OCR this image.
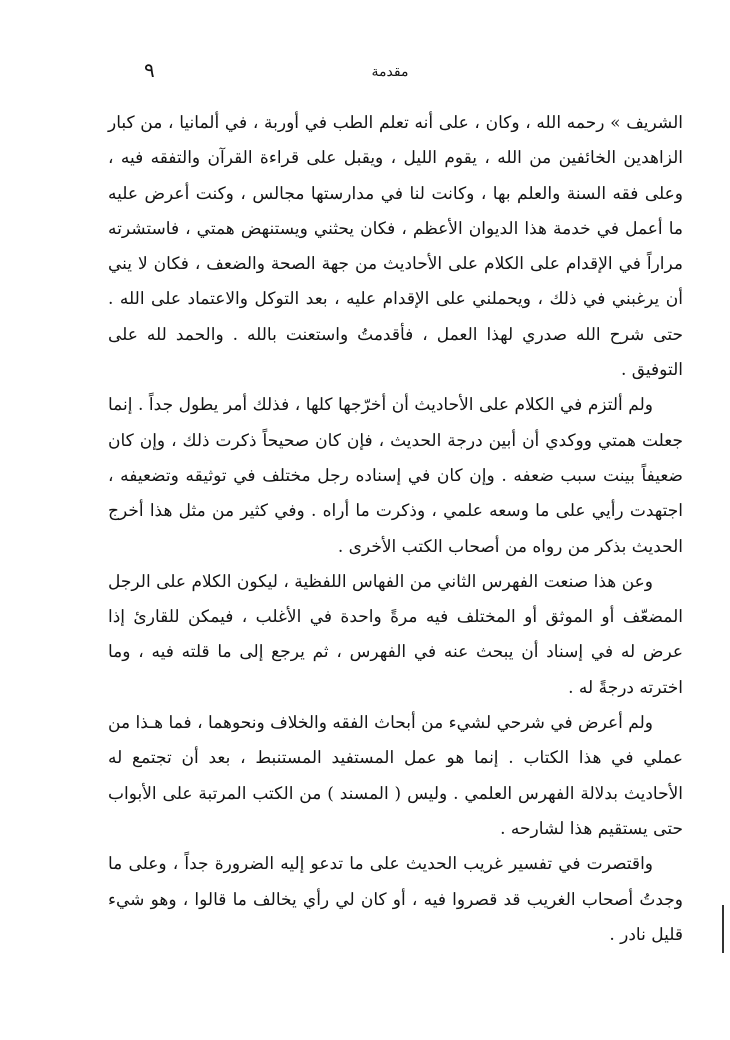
٩	مقدمة

الشريف » رحمه الله ، وكان ، على أنه تعلم الطب في أوربة ، في ألمانيا ، من كبار الزاهدين الخائفين من الله ، يقوم الليل ، ويقبل على قراءة القرآن والتفقه فيه ، وعلى فقه السنة والعلم بها ، وكانت لنا في مدارستها مجالس ، وكنت أعرض عليه ما أعمل في خدمة هذا الديوان الأعظم ، فكان يحثني ويستنهض همتي ، فاستشرته مراراً في الإقدام على الكلام على الأحاديث من جهة الصحة والضعف ، فكان لا يني أن يرغبني في ذلك ، ويحملني على الإقدام عليه ، بعد التوكل والاعتماد على الله . حتى شرح الله صدري لهذا العمل ، فأقدمتُ واستعنت بالله . والحمد لله على التوفيق .

ولم ألتزم في الكلام على الأحاديث أن أخرّجها كلها ، فذلك أمر يطول جداً . إنما جعلت همتي ووكدي أن أبين درجة الحديث ، فإن كان صحيحاً ذكرت ذلك ، وإن كان ضعيفاً بينت سبب ضعفه . وإن كان في إسناده رجل مختلف في توثيقه وتضعيفه ، اجتهدت رأيي على ما وسعه علمي ، وذكرت ما أراه . وفي كثير من مثل هذا أخرج الحديث بذكر من رواه من أصحاب الكتب الأخرى .

وعن هذا صنعت الفهرس الثاني من الفهاس اللفظية ، ليكون الكلام على الرجل المضعّف أو الموثق أو المختلف فيه مرةً واحدة في الأغلب ، فيمكن للقارئ إذا عرض له في إسناد أن يبحث عنه في الفهرس ، ثم يرجع إلى ما قلته فيه ، وما اخترته درجةً له .

ولم أعرض في شرحي لشيء من أبحاث الفقه والخلاف ونحوهما ، فما هـذا من عملي في هذا الكتاب . إنما هو عمل المستفيد المستنبط ، بعد أن تجتمع له الأحاديث بدلالة الفهرس العلمي . وليس ( المسند ) من الكتب المرتبة على الأبواب حتى يستقيم هذا لشارحه .

واقتصرت في تفسير غريب الحديث على ما تدعو إليه الضرورة جداً ، وعلى ما وجدتُ أصحاب الغريب قد قصروا فيه ، أو كان لي رأي يخالف ما قالوا ، وهو شيء قليل نادر .
